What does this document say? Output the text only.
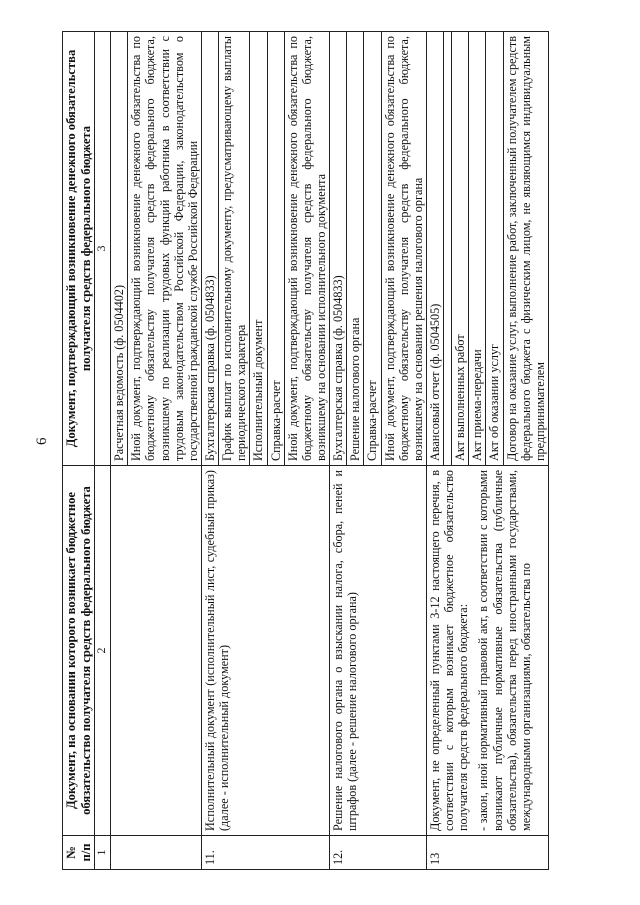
6
№ п/п	Документ, на основании которого возникает бюджетное обязательство получателя средств федерального бюджета	Документ, подтверждающий возникновение денежного обязательства получателя средств федерального бюджета
1	2	3
		Расчетная ведомость (ф. 0504402)
		Иной документ, подтверждающий возникновение денежного обязательства по бюджетному обязательству получателя средств федерального бюджета, возникшему по реализации трудовых функций работника в соответствии с трудовым законодательством Российской Федерации, законодательством о государственной гражданской службе Российской Федерации
11.	Исполнительный документ (исполнительный лист, судебный приказ) (далее - исполнительный документ)	Бухгалтерская справка (ф. 0504833)
		График выплат по исполнительному документу, предусматривающему выплаты периодического характера
		Исполнительный документ
		Справка-расчет
		Иной документ, подтверждающий возникновение денежного обязательства по бюджетному обязательству получателя средств федерального бюджета, возникшему на основании исполнительного документа
12.	Решение налогового органа о взыскании налога, сбора, пеней и штрафов (далее - решение налогового органа)	Бухгалтерская справка (ф. 0504833)
		Решение налогового органа
		Справка-расчет
		Иной документ, подтверждающий возникновение денежного обязательства по бюджетному обязательству получателя средств федерального бюджета, возникшему на основании решения налогового органа
13	Документ, не определенный пунктами 3-12 настоящего перечня, в соответствии с которым возникает бюджетное обязательство получателя средств федерального бюджета: - закон, иной нормативный правовой акт, в соответствии с которыми возникают публичные нормативные обязательства (публичные обязательства), обязательства перед иностранными государствами, международными организациями, обязательства по	Авансовый отчет (ф. 0504505)

		Акт выполненных работ
		Акт приема-передачи
		Акт об оказании услуг
		Договор на оказание услуг, выполнение работ, заключенный получателем средств федерального бюджета с физическим лицом, не являющимся индивидуальным предпринимателем
